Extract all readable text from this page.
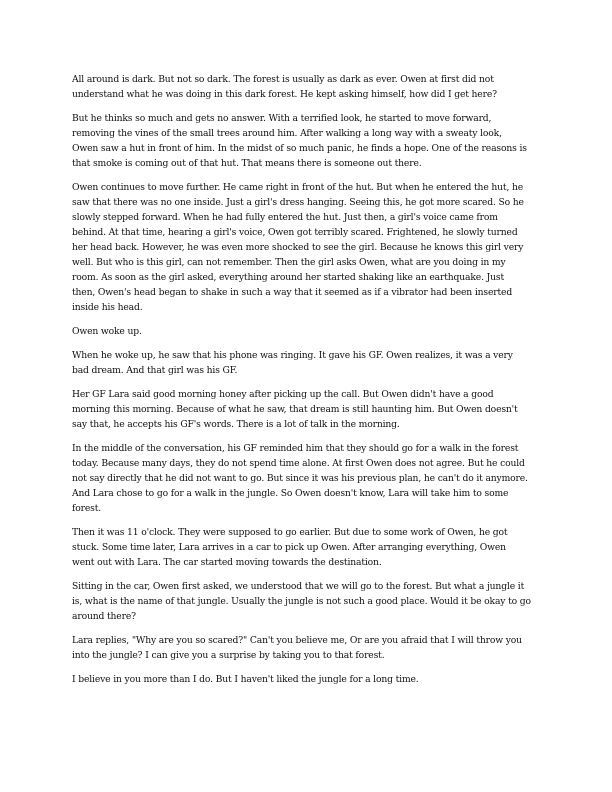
All around is dark. But not so dark. The forest is usually as dark as ever. Owen at first did not
understand what he was doing in this dark forest. He kept asking himself, how did I get here?

But he thinks so much and gets no answer. With a terrified look, he started to move forward,
removing the vines of the small trees around him. After walking a long way with a sweaty look,
Owen saw a hut in front of him. In the midst of so much panic, he finds a hope. One of the reasons is
that smoke is coming out of that hut. That means there is someone out there.

Owen continues to move further. He came right in front of the hut. But when he entered the hut, he
saw that there was no one inside. Just a girl's dress hanging. Seeing this, he got more scared. So he
slowly stepped forward. When he had fully entered the hut. Just then, a girl's voice came from
behind. At that time, hearing a girl's voice, Owen got terribly scared. Frightened, he slowly turned
her head back. However, he was even more shocked to see the girl. Because he knows this girl very
well. But who is this girl, can not remember. Then the girl asks Owen, what are you doing in my
room. As soon as the girl asked, everything around her started shaking like an earthquake. Just
then, Owen's head began to shake in such a way that it seemed as if a vibrator had been inserted
inside his head.

Owen woke up.

When he woke up, he saw that his phone was ringing. It gave his GF. Owen realizes, it was a very
bad dream. And that girl was his GF.

Her GF Lara said good morning honey after picking up the call. But Owen didn't have a good
morning this morning. Because of what he saw, that dream is still haunting him. But Owen doesn't
say that, he accepts his GF's words. There is a lot of talk in the morning.

In the middle of the conversation, his GF reminded him that they should go for a walk in the forest
today. Because many days, they do not spend time alone. At first Owen does not agree. But he could
not say directly that he did not want to go. But since it was his previous plan, he can't do it anymore.
And Lara chose to go for a walk in the jungle. So Owen doesn't know, Lara will take him to some
forest.

Then it was 11 o'clock. They were supposed to go earlier. But due to some work of Owen, he got
stuck. Some time later, Lara arrives in a car to pick up Owen. After arranging everything, Owen
went out with Lara. The car started moving towards the destination.

Sitting in the car, Owen first asked, we understood that we will go to the forest. But what a jungle it
is, what is the name of that jungle. Usually the jungle is not such a good place. Would it be okay to go
around there?

Lara replies, "Why are you so scared?" Can't you believe me, Or are you afraid that I will throw you
into the jungle? I can give you a surprise by taking you to that forest.

I believe in you more than I do. But I haven't liked the jungle for a long time.
